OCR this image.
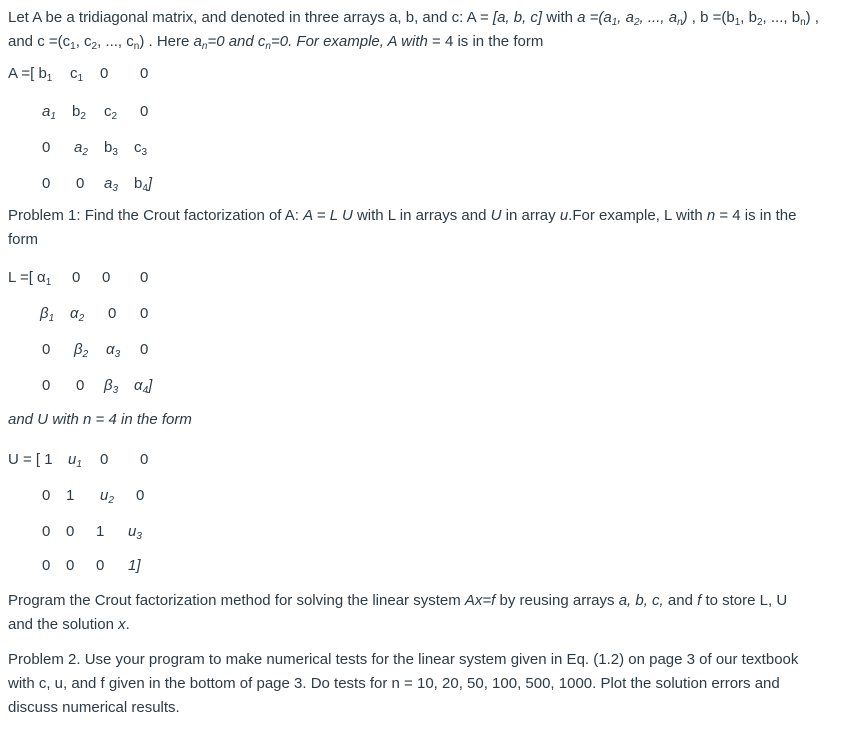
Let A be a tridiagonal matrix, and denoted in three arrays a, b, and c: A = [a, b, c] with $a =(a_1$, $a_2$, ..., $a_n$) , $b =(b_1$, $b_2$, ..., $b_n$) ,
and $c =(c_1$, $c_2$, ..., $c_n$) . Here $a_n=0$ and $c_n=0$. For example, A with = 4 is in the form
A =[ $b_1$ $c_1$ 0 0
$a_1$ $b_2$ $c_2$ 0
0 $a_2$ $b_3$ $c_3$
0 0 $a_3$ $b_4$]
Problem 1: Find the Crout factorization of A: A = L U with L in arrays and U in array u.For example, L with n = 4 is in the
form
L =[ $\alpha_1$ 0 0 0
$\beta_1$ $\alpha_2$ 0 0
0 $\beta_2$ $\alpha_3$ 0
0 0 $\beta_3$ $\alpha_4$]
and U with n = 4 in the form
U = [ 1 $u_1$ 0 0
0 1 $u_2$ 0
0 0 1 $u_3$
0 0 0 1]
Program the Crout factorization method for solving the linear system Ax=f by reusing arrays a, b, c, and f to store L, U
and the solution x.
Problem 2. Use your program to make numerical tests for the linear system given in Eq. (1.2) on page 3 of our textbook
with c, u, and f given in the bottom of page 3. Do tests for n = 10, 20, 50, 100, 500, 1000. Plot the solution errors and
discuss numerical results.
